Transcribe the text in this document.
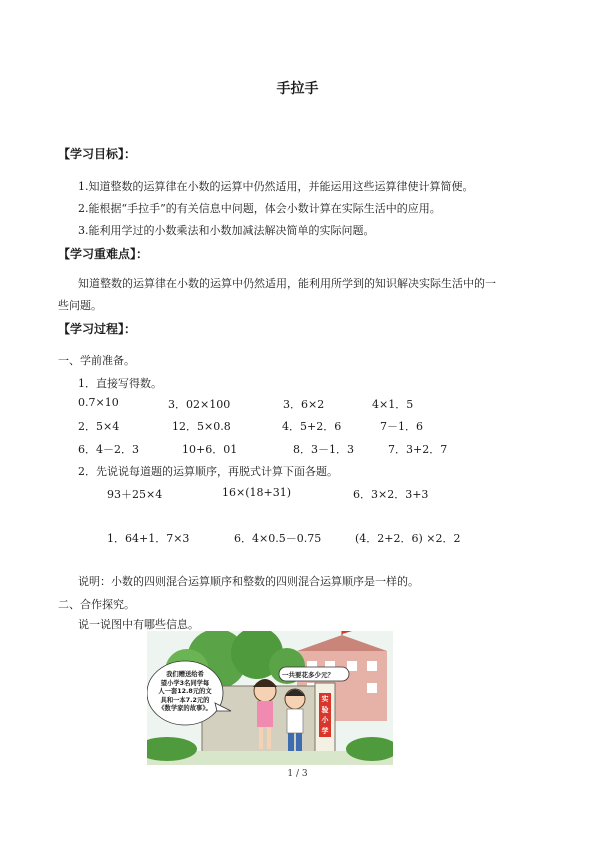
手拉手
【学习目标】：
1.知道整数的运算律在小数的运算中仍然适用，并能运用这些运算律使计算简便。
2.能根据“手拉手”的有关信息中问题，体会小数计算在实际生活中的应用。
3.能利用学过的小数乘法和小数加减法解决简单的实际问题。
【学习重难点】：
知道整数的运算律在小数的运算中仍然适用，能利用所学到的知识解决实际生活中的一
些问题。
【学习过程】：
一、学前准备。
1．直接写得数。
0.7×10	3．02×100	3．6×2	4×1．5
2．5×4	12．5×0.8	4．5+2．6	7－1．6
6．4－2．3	10+6．01	8．3－1．3	7．3+2．7
2．先说说每道题的运算顺序，再脱式计算下面各题。
93＋25×4	16×(18+31)	6．3×2．3+3
1．64+1．7×3	6．4×0.5－0.75	(4．2+2．6) ×2．2
说明：小数的四则混合运算顺序和整数的四则混合运算顺序是一样的。
二、合作探究。
说一说图中有哪些信息。
我们赠送给希
望小学3名同学每
人一套12.8元的文
具和一本7.2元的
《数学家的故事》。
一共要花多少元？
实
验
小
学
1 / 3
